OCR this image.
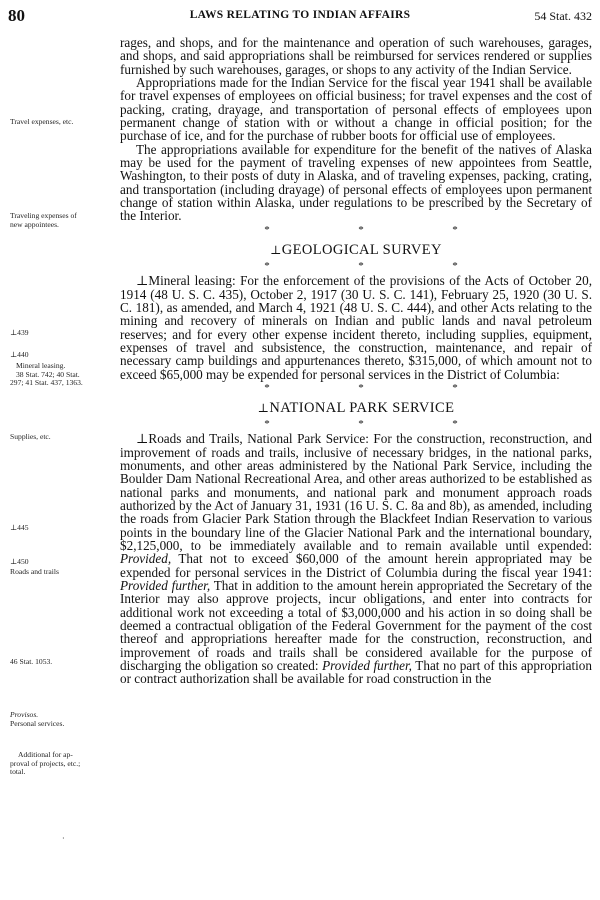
80	LAWS RELATING TO INDIAN AFFAIRS	54 Stat. 432
Travel expenses, etc.
Traveling expenses of
new appointees.
⊥439
⊥440
Mineral leasing.
38 Stat. 742; 40 Stat.
297; 41 Stat. 437, 1363.
Supplies, etc.
⊥445
⊥450
Roads and trails
46 Stat. 1053.
Provisos.
Personal services.
Additional for ap-
proval of projects, etc.;
total.
·

rages, and shops, and for the maintenance and operation of such warehouses, garages, and shops, and said appropriations shall be reimbursed for services rendered or supplies furnished by such warehouses, garages, or shops to any activity of the Indian Service.

Appropriations made for the Indian Service for the fiscal year 1941 shall be available for travel expenses of employees on official business; for travel expenses and the cost of packing, crating, drayage, and transportation of personal effects of employees upon permanent change of station with or without a change in official position; for the purchase of ice, and for the purchase of rubber boots for official use of employees.

The appropriations available for expenditure for the benefit of the natives of Alaska may be used for the payment of traveling expenses of new appointees from Seattle, Washington, to their posts of duty in Alaska, and of traveling expenses, packing, crating, and transportation (including drayage) of personal effects of employees upon permanent change of station within Alaska, under regulations to be prescribed by the Secretary of the Interior.

*	*	*
⊥GEOLOGICAL SURVEY
*	*	*

⊥Mineral leasing: For the enforcement of the provisions of the Acts of October 20, 1914 (48 U. S. C. 435), October 2, 1917 (30 U. S. C. 141), February 25, 1920 (30 U. S. C. 181), as amended, and March 4, 1921 (48 U. S. C. 444), and other Acts relating to the mining and recovery of minerals on Indian and public lands and naval petroleum reserves; and for every other expense incident thereto, including supplies, equipment, expenses of travel and subsistence, the construction, maintenance, and repair of necessary camp buildings and appurtenances thereto, $315,000, of which amount not to exceed $65,000 may be expended for personal services in the District of Columbia:

*	*	*
⊥NATIONAL PARK SERVICE
*	*	*

⊥Roads and Trails, National Park Service: For the construction, reconstruction, and improvement of roads and trails, inclusive of necessary bridges, in the national parks, monuments, and other areas administered by the National Park Service, including the Boulder Dam National Recreational Area, and other areas authorized to be established as national parks and monuments, and national park and monument approach roads authorized by the Act of January 31, 1931 (16 U. S. C. 8a and 8b), as amended, including the roads from Glacier Park Station through the Blackfeet Indian Reservation to various points in the boundary line of the Glacier National Park and the international boundary, $2,125,000, to be immediately available and to remain available until expended: Provided, That not to exceed $60,000 of the amount herein appropriated may be expended for personal services in the District of Columbia during the fiscal year 1941: Provided further, That in addition to the amount herein appropriated the Secretary of the Interior may also approve projects, incur obligations, and enter into contracts for additional work not exceeding a total of $3,000,000 and his action in so doing shall be deemed a contractual obligation of the Federal Government for the payment of the cost thereof and appropriations hereafter made for the construction, reconstruction, and improvement of roads and trails shall be considered available for the purpose of discharging the obligation so created: Provided further, That no part of this appropriation or contract authorization shall be available for road construction in the
